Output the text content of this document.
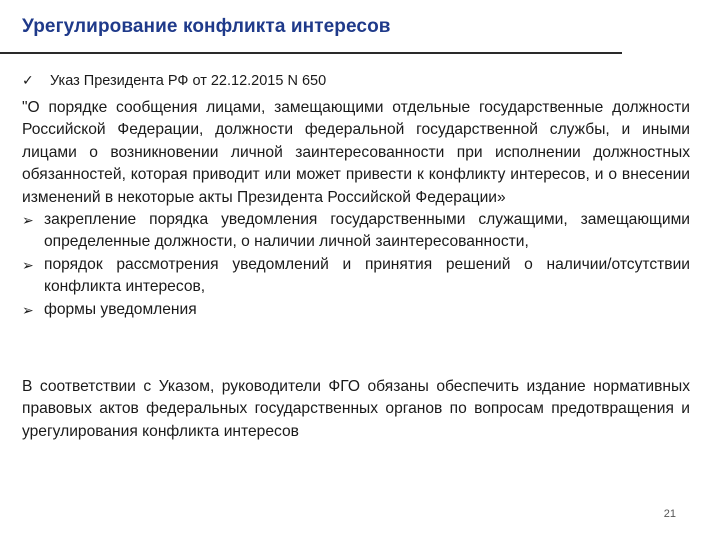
Урегулирование конфликта интересов
✓ Указ Президента РФ от 22.12.2015 N 650

"О порядке сообщения лицами, замещающими отдельные государственные должности Российской Федерации, должности федеральной государственной службы, и иными лицами о возникновении личной заинтересованности при исполнении должностных обязанностей, которая приводит или может привести к конфликту интересов, и о внесении изменений в некоторые акты Президента Российской Федерации»

➢ закрепление порядка уведомления государственными служащими, замещающими определенные должности, о наличии личной заинтересованности,
➢ порядок рассмотрения уведомлений и принятия решений о наличии/отсутствии конфликта интересов,
➢ формы уведомления

В соответствии с Указом, руководители ФГО обязаны обеспечить издание нормативных правовых актов федеральных государственных органов по вопросам предотвращения и урегулирования конфликта интересов

21
